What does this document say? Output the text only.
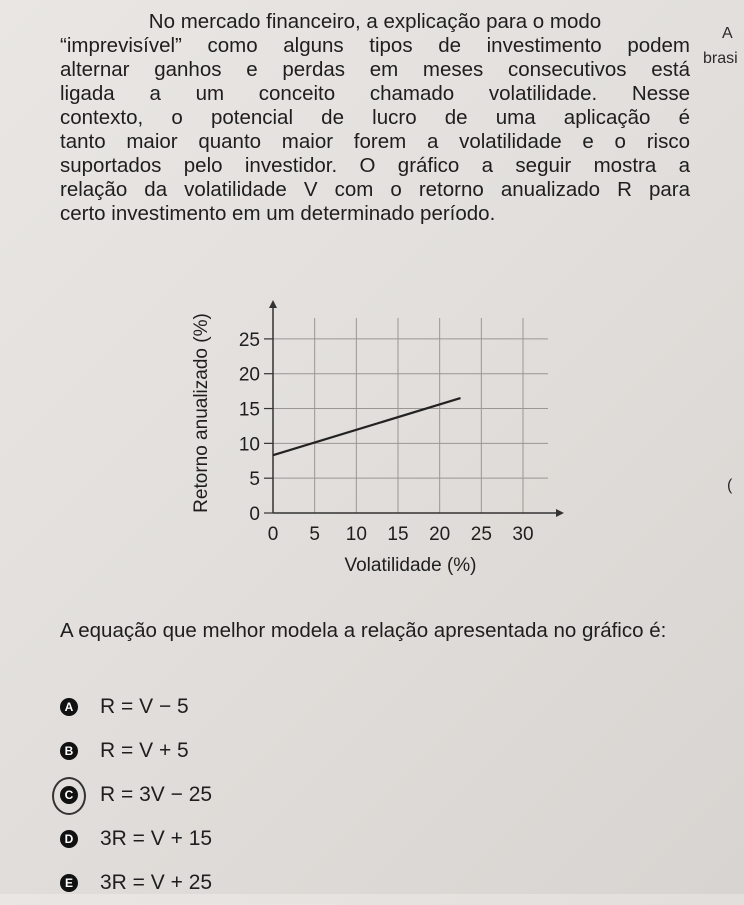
No mercado financeiro, a explicação para o modo
“imprevisível” como alguns tipos de investimento podem
alternar ganhos e perdas em meses consecutivos está
ligada a um conceito chamado volatilidade. Nesse
contexto, o potencial de lucro de uma aplicação é
tanto maior quanto maior forem a volatilidade e o risco
suportados pelo investidor. O gráfico a seguir mostra a
relação da volatilidade V com o retorno anualizado R para
certo investimento em um determinado período.
A
brasi
(
0 5 10 15 20 25 30
0
5
10
15
20
25
Volatilidade (%)
Retorno anualizado (%)
A equação que melhor modela a relação apresentada no gráfico é:
A R = V − 5
B R = V + 5
C R = 3V − 25
D 3R = V + 15
E 3R = V + 25
